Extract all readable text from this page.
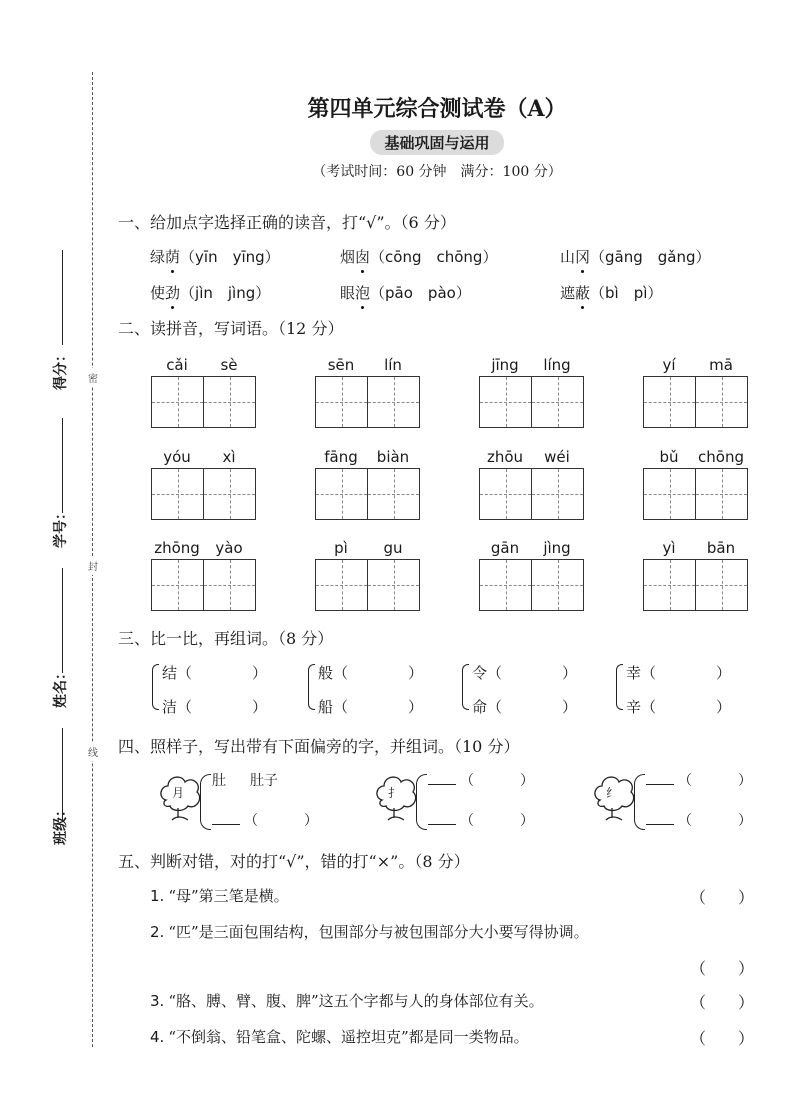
密
封
线
得分：
学号：
姓名：
班级：
第四单元综合测试卷（A）
基础巩固与运用
（考试时间：60 分钟　满分：100 分）
一、给加点字选择正确的读音，打“√”。（6 分）
绿荫（yīn　yīng）	烟囱（cōng　chōng）	山冈（gāng　gǎng）
使劲（jìn　jìng）	眼泡（pāo　pào）	遮蔽（bì　pì）
二、读拼音，写词语。（12 分）
cǎi	sè	sēn	lín	jīng	líng	yí	mā
yóu	xì	fāng	biàn	zhōu	wéi	bǔ	chōng
zhōng	yào	pì	gu	gān	jìng	yì	bān
三、比一比，再组词。（8 分）
结（	）
洁（	）
般（	）
船（	）
令（	）
命（	）
幸（	）
辛（	）
四、照样子，写出带有下面偏旁的字，并组词。（10 分）
月
肚 肚子
（	）
扌
（	）
（	）
纟
（	）
（	）
五、判断对错，对的打“√”，错的打“×”。（8 分）
1. “母”第三笔是横。	（　　）
2. “匹”是三面包围结构，包围部分与被包围部分大小要写得协调。
（　　）
3. “胳、膊、臂、腹、脾”这五个字都与人的身体部位有关。	（　　）
4. “不倒翁、铅笔盒、陀螺、遥控坦克”都是同一类物品。	（　　）
